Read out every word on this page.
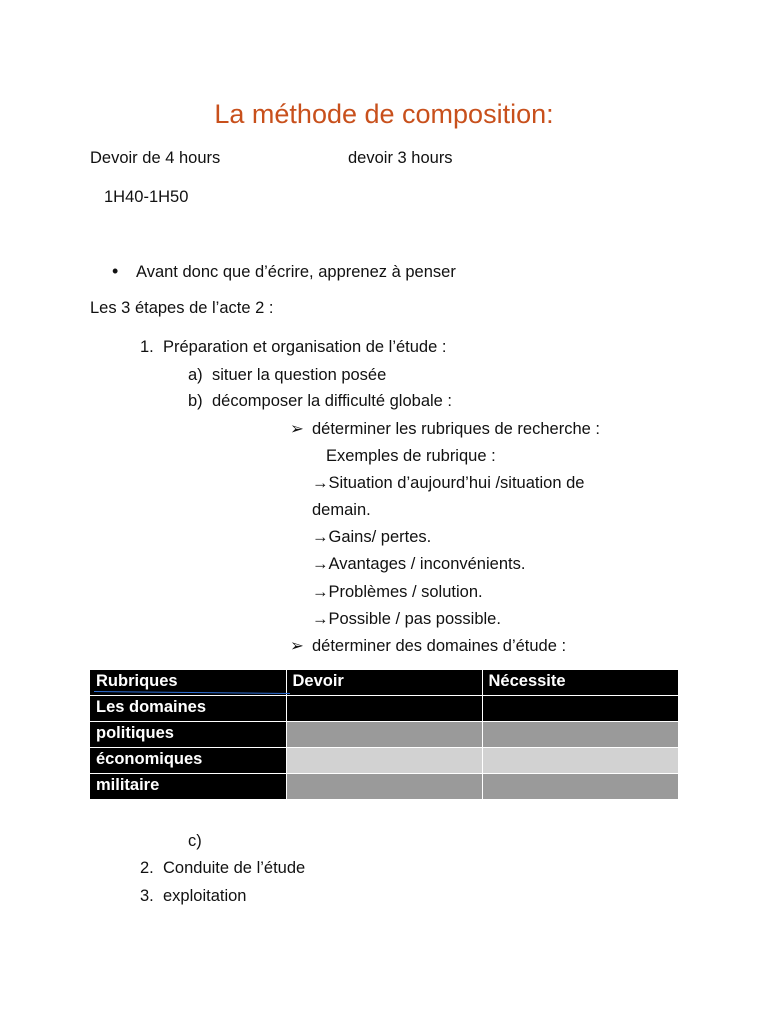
La méthode de composition:
Devoir de 4 hours	devoir 3 hours
1H40-1H50
• Avant donc que d’écrire, apprenez à penser
Les 3 étapes de l’acte 2 :
1. Préparation et organisation de l’étude :
a) situer la question posée
b) décomposer la difficulté globale :
➢ déterminer les rubriques de recherche :
Exemples de rubrique :
→Situation d’aujourd’hui /situation de
demain.
→Gains/ pertes.
→Avantages / inconvénients.
→Problèmes / solution.
→Possible / pas possible.
➢ déterminer des domaines d’étude :
Rubriques	Devoir	Nécessite
Les domaines		
politiques		
économiques		
militaire		
c)
2. Conduite de l’étude
3. exploitation
